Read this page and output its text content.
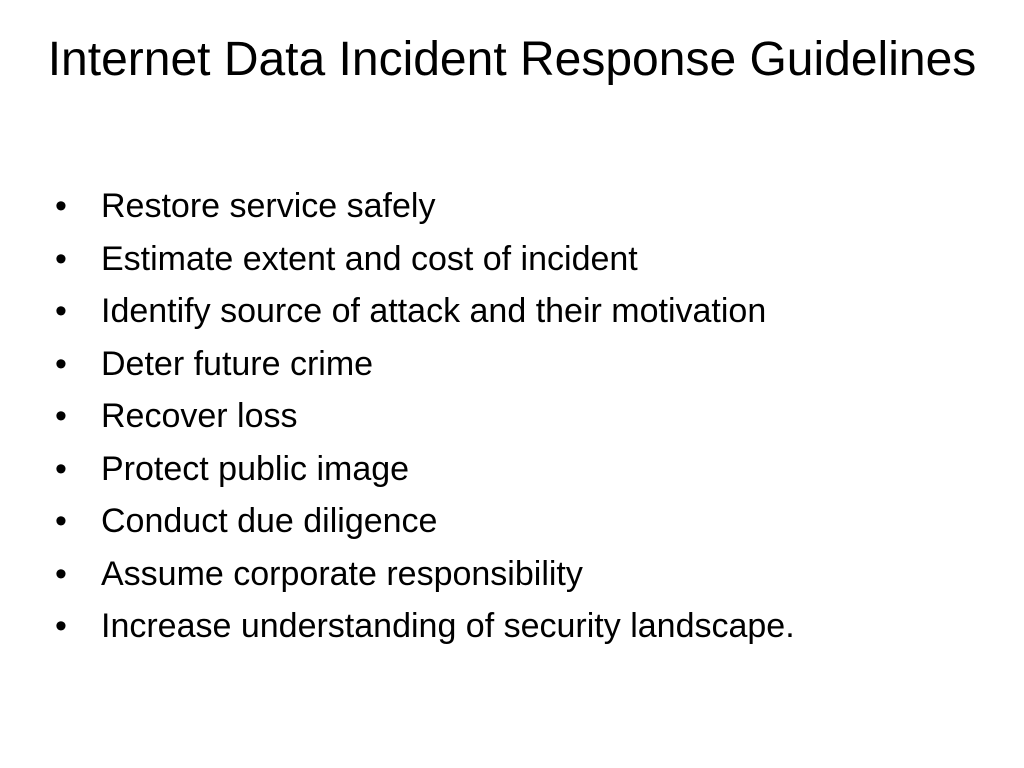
Internet Data Incident Response Guidelines
•	Restore service safely
•	Estimate extent and cost of incident
•	Identify source of attack and their motivation
•	Deter future crime
•	Recover loss
•	Protect public image
•	Conduct due diligence
•	Assume corporate responsibility
•	Increase understanding of security landscape.
